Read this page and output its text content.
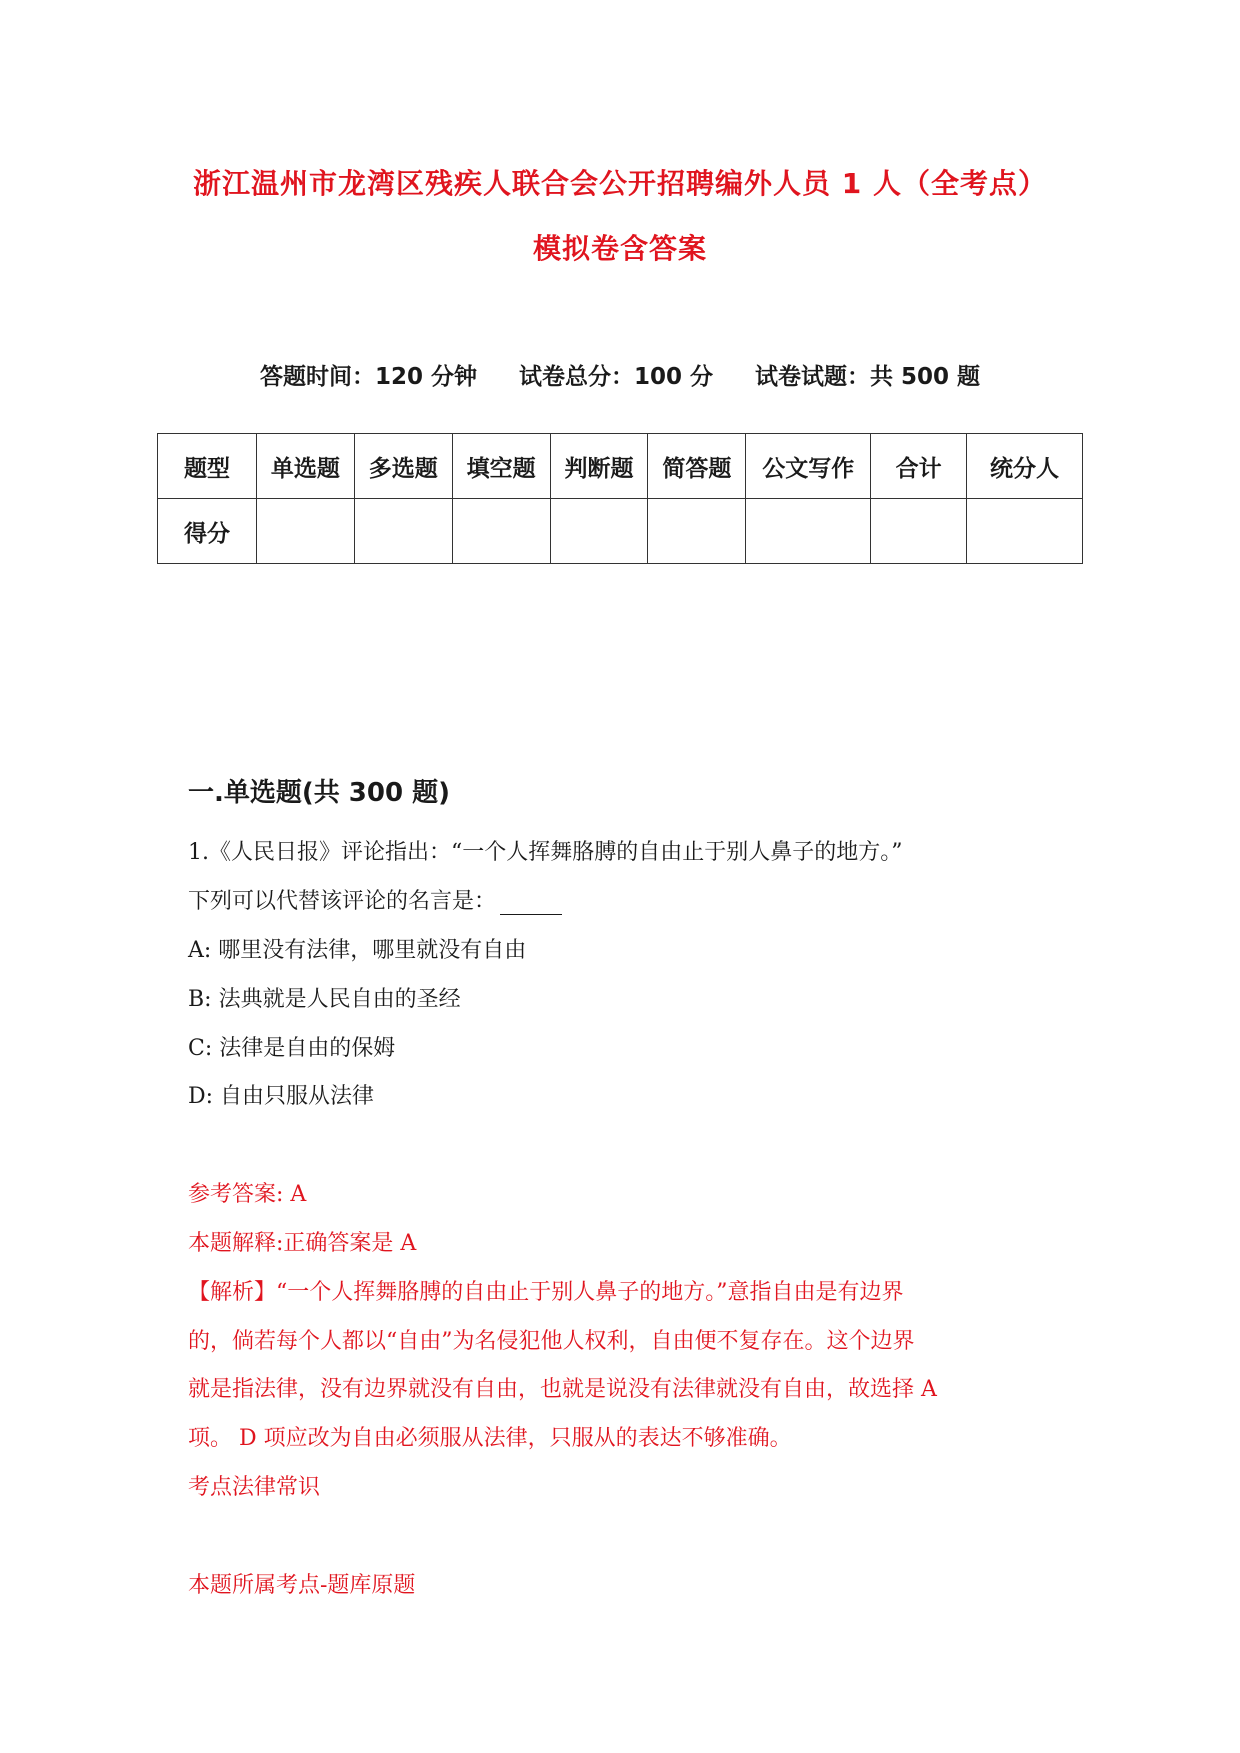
浙江温州市龙湾区残疾人联合会公开招聘编外人员 1 人（全考点）
模拟卷含答案
答题时间：120 分钟 试卷总分：100 分 试卷试题：共 500 题
题型	单选题	多选题	填空题	判断题	简答题	公文写作	合计	统分人
得分								
一.单选题(共 300 题)
1.《人民日报》评论指出：“一个人挥舞胳膊的自由止于别人鼻子的地方。”
下列可以代替该评论的名言是：
A: 哪里没有法律，哪里就没有自由
B: 法典就是人民自由的圣经
C: 法律是自由的保姆
D: 自由只服从法律
参考答案: A
本题解释:正确答案是 A
【解析】“一个人挥舞胳膊的自由止于别人鼻子的地方。”意指自由是有边界
的，倘若每个人都以“自由”为名侵犯他人权利，自由便不复存在。这个边界
就是指法律，没有边界就没有自由，也就是说没有法律就没有自由，故选择 A
项。 D 项应改为自由必须服从法律，只服从的表达不够准确。
考点法律常识
本题所属考点-题库原题
